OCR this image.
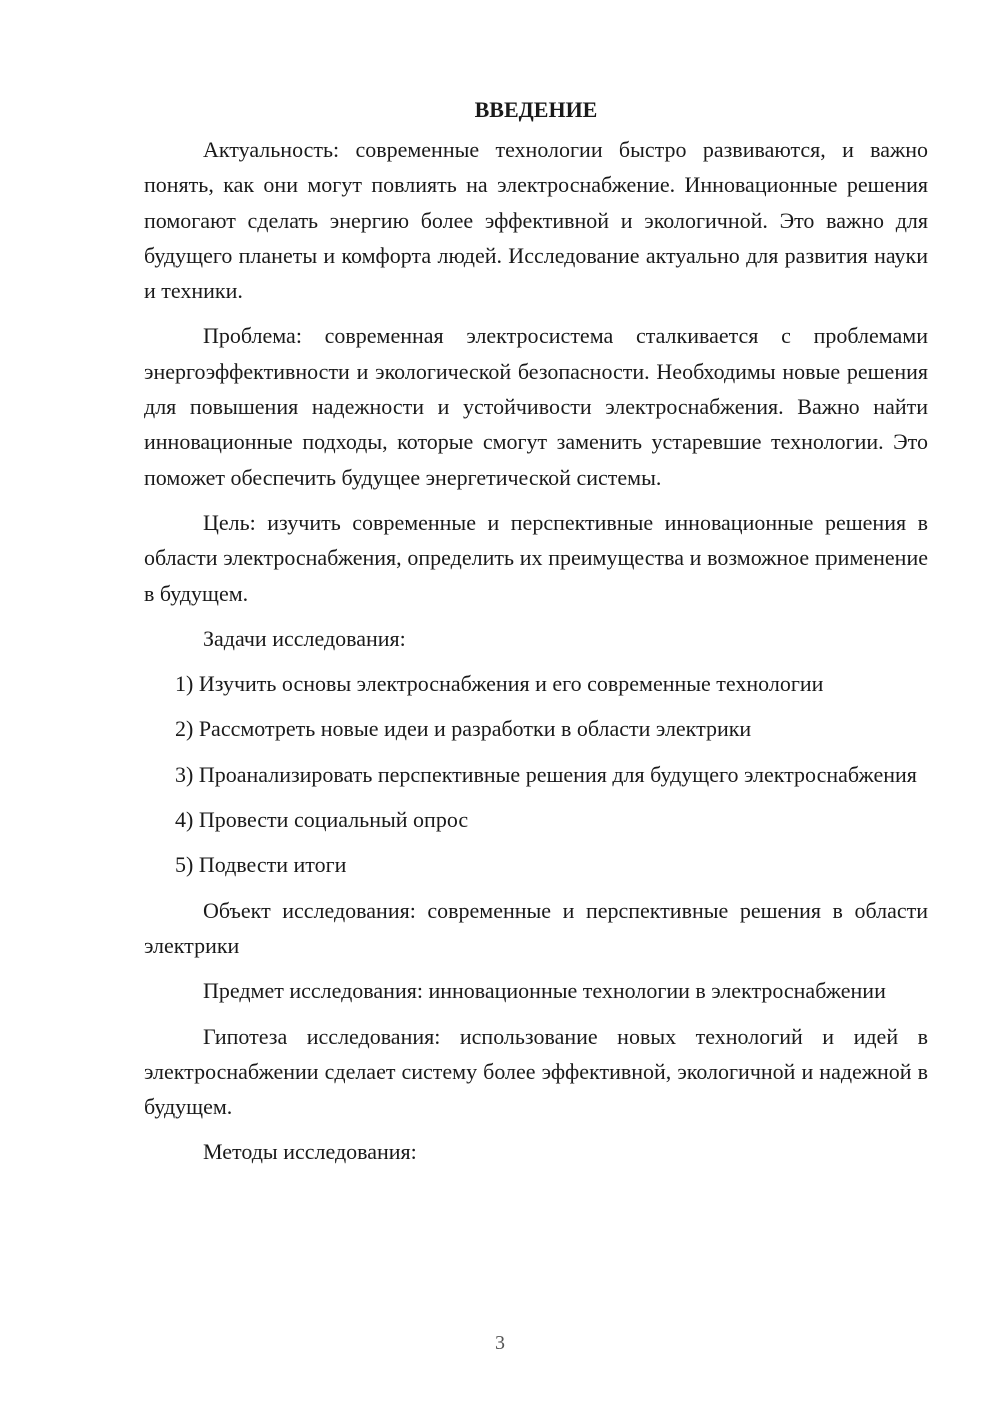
ВВЕДЕНИЕ

Актуальность: современные технологии быстро развиваются, и важно понять, как они могут повлиять на электроснабжение. Инновационные решения помогают сделать энергию более эффективной и экологичной. Это важно для будущего планеты и комфорта людей. Исследование актуально для развития науки и техники.

Проблема: современная электросистема сталкивается с проблемами энергоэффективности и экологической безопасности. Необходимы новые решения для повышения надежности и устойчивости электроснабжения. Важно найти инновационные подходы, которые смогут заменить устаревшие технологии. Это поможет обеспечить будущее энергетической системы.

Цель: изучить современные и перспективные инновационные решения в области электроснабжения, определить их преимущества и возможное применение в будущем.

Задачи исследования:

1) Изучить основы электроснабжения и его современные технологии

2) Рассмотреть новые идеи и разработки в области электрики

3) Проанализировать перспективные решения для будущего электроснабжения

4) Провести социальный опрос

5) Подвести итоги

Объект исследования: современные и перспективные решения в области электрики

Предмет исследования: инновационные технологии в электроснабжении

Гипотеза исследования: использование новых технологий и идей в электроснабжении сделает систему более эффективной, экологичной и надежной в будущем.

Методы исследования:

3
